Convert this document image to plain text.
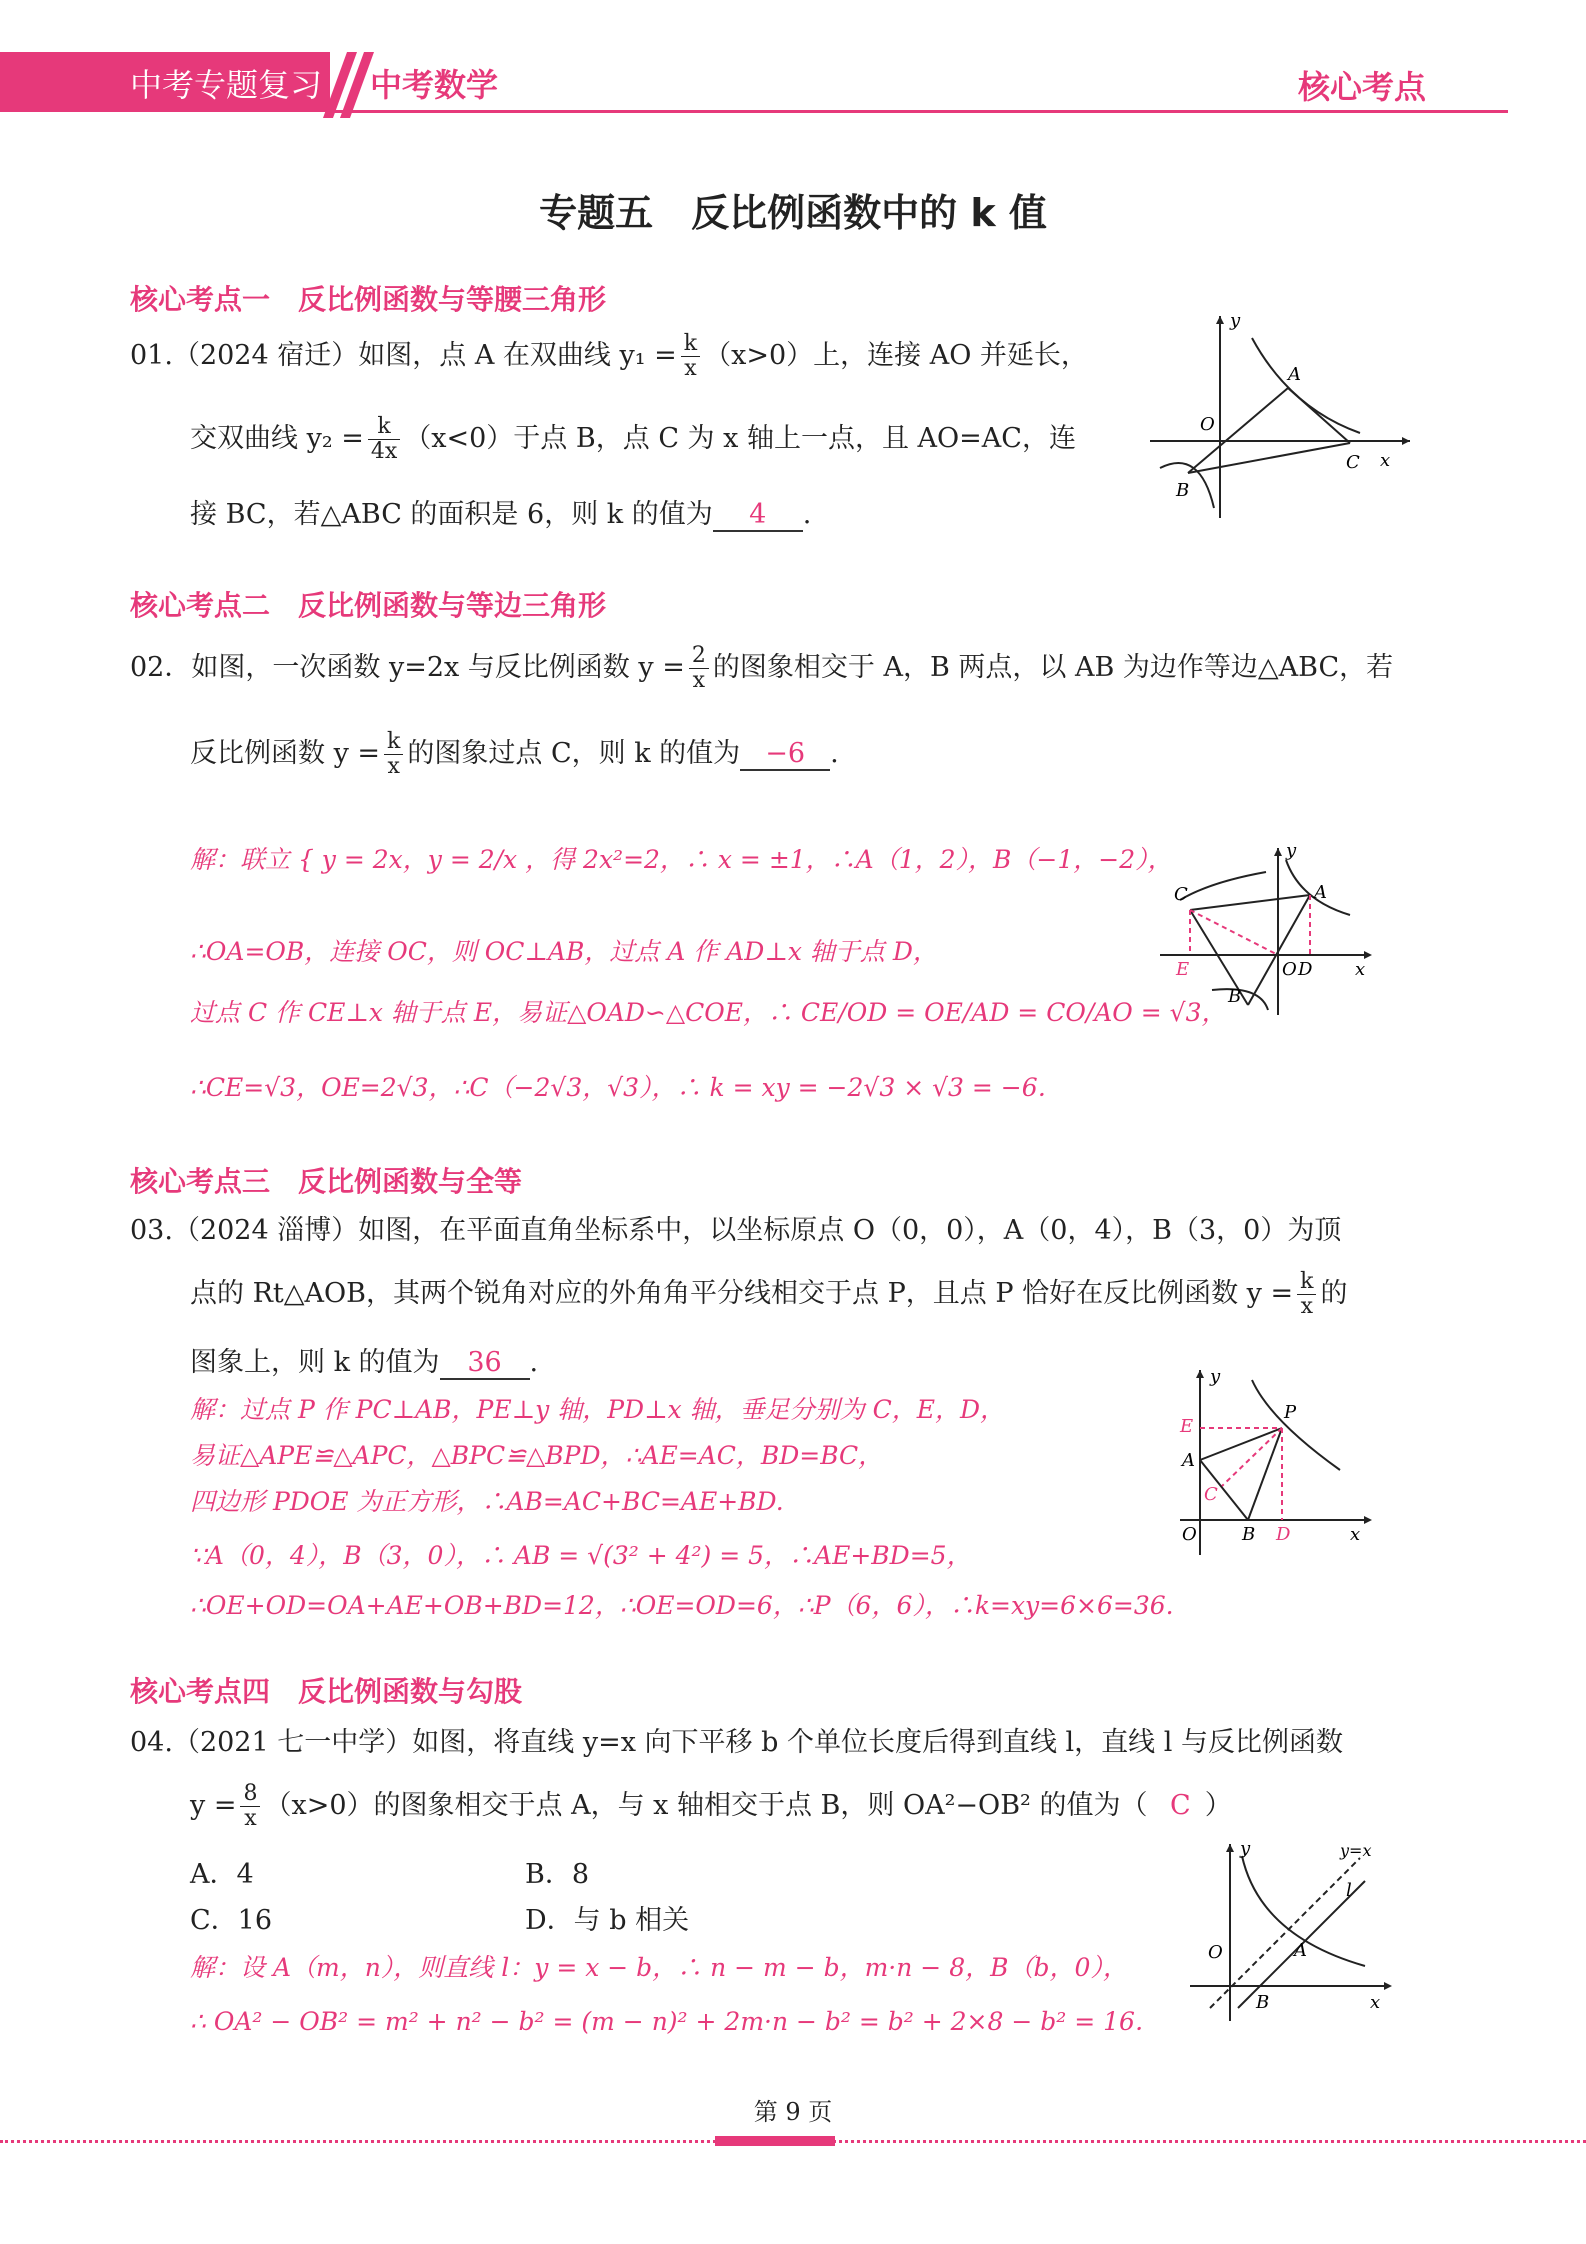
中考专题复习 中考数学	核心考点
专题五　反比例函数中的 k 值
核心考点一　反比例函数与等腰三角形
01.（2024 宿迁）如图，点 A 在双曲线 $y_1 = \frac{k}{x} (x>0)$上，连接 AO 并延长，
交双曲线 $y_2 = \frac{k}{4x} (x<0)$于点 B，点 C 为 x 轴上一点，且 AO=AC，连
接 BC，若△ABC 的面积是 6，则 k 的值为 4 .
A
O
C
B
x
y
核心考点二　反比例函数与等边三角形
02．如图，一次函数 y=2x 与反比例函数 $y = \frac{2}{x}$ 的图象相交于 A，B 两点，以 AB 为边作等边△ABC，若
反比例函数 $y = \frac{k}{x}$ 的图象过点 C，则 k 的值为 −6 .
解：联立 { y = 2x，y = 2/x ，得 2x²=2，∴ x = ±1，∴A（1，2），B（−1，−2），
∴OA=OB，连接 OC，则 OC⊥AB，过点 A 作 AD⊥x 轴于点 D，
过点 C 作 CE⊥x 轴于点 E，易证△OAD∽△COE，∴ CE/OD = OE/AD = CO/AO = √3，
∴CE=√3，OE=2√3，∴C（−2√3，√3），∴ k = xy = −2√3 × √3 = −6．
C	A
E	O D
B
x
y
核心考点三　反比例函数与全等
03.（2024 淄博）如图，在平面直角坐标系中，以坐标原点 O（0，0），A（0，4），B（3，0）为顶
点的 Rt△AOB，其两个锐角对应的外角角平分线相交于点 P，且点 P 恰好在反比例函数 $y = \frac{k}{x}$ 的
图象上，则 k 的值为 36 .
解：过点 P 作 PC⊥AB，PE⊥y 轴，PD⊥x 轴，垂足分别为 C，E，D，
易证△APE≌△APC，△BPC≌△BPD，∴AE=AC，BD=BC，
四边形 PDOE 为正方形，∴AB=AC+BC=AE+BD.
∵A（0，4），B（3，0），∴ AB = √(3² + 4²) = 5，∴AE+BD=5，
∴OE+OD=OA+AE+OB+BD=12，∴OE=OD=6，∴P（6，6），∴k=xy=6×6=36.
P
E
A
C
O	B D	x
y
核心考点四　反比例函数与勾股
04.（2021 七一中学）如图，将直线 y=x 向下平移 b 个单位长度后得到直线 l，直线 l 与反比例函数
$y = \frac{8}{x} (x>0)$的图象相交于点 A，与 x 轴相交于点 B，则 OA²−OB² 的值为（ C ）
A．4	B．8
C．16	D．与 b 相关
解：设 A（m，n），则直线 l：y = x − b，∴ n − m − b，m·n − 8，B（b，0），
∴ OA² − OB² = m² + n² − b² = (m − n)² + 2m·n − b² = b² + 2×8 − b² = 16．
y=x
l
O	A
B	x
y
第 9 页
